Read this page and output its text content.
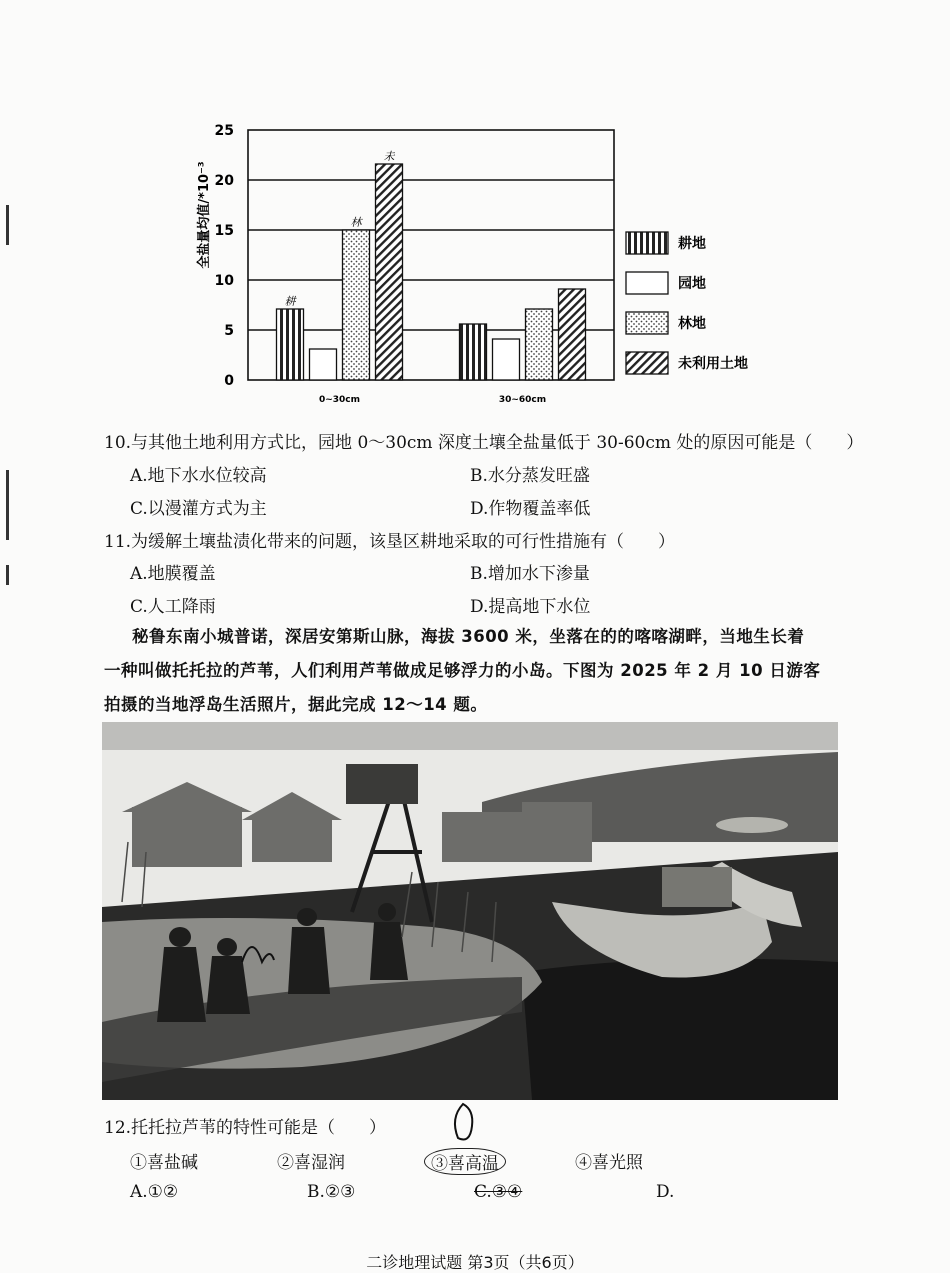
0
5
10
15
20
25
全盐量均值/*10⁻³
0~30cm	30~60cm
耕
林
未
耕地
园地
林地
未利用土地
10.与其他土地利用方式比，园地 0～30cm 深度土壤全盐量低于 30-60cm 处的原因可能是（　　）
A.地下水水位较高	B.水分蒸发旺盛
C.以漫灌方式为主	D.作物覆盖率低
11.为缓解土壤盐渍化带来的问题，该垦区耕地采取的可行性措施有（　　）
A.地膜覆盖	B.增加水下渗量
C.人工降雨	D.提高地下水位
秘鲁东南小城普诺，深居安第斯山脉，海拔 3600 米，坐落在的的喀喀湖畔，当地生长着
一种叫做托托拉的芦苇，人们利用芦苇做成足够浮力的小岛。下图为 2025 年 2 月 10 日游客
拍摄的当地浮岛生活照片，据此完成 12～14 题。
12.托托拉芦苇的特性可能是（　　）
①喜盐碱	②喜湿润	③喜高温	④喜光照
A.①②	B.②③	C.③④	D.
二诊地理试题 第3页（共6页）
